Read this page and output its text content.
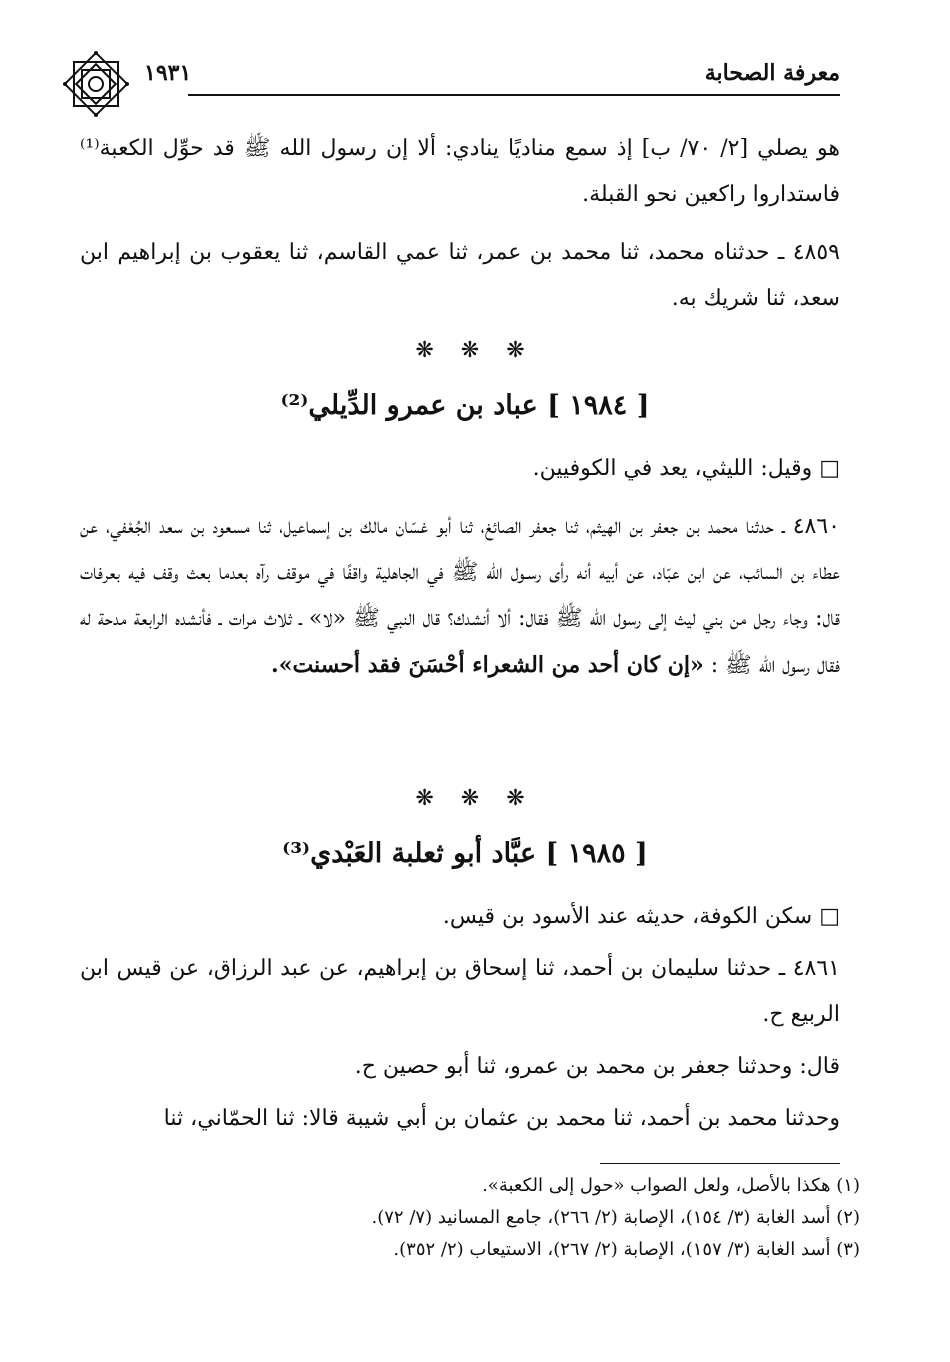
١٩٣١	معرفة الصحابة

هو يصلي [٢/ ٧٠/ ب] إذ سمع مناديًا ينادي: ألا إن رسول الله ﷺ قد حوِّل الكعبة⁽¹⁾ فاستداروا راكعين نحو القبلة.

٤٨٥٩ ـ حدثناه محمد، ثنا محمد بن عمر، ثنا عمي القاسم، ثنا يعقوب بن إبراهيم ابن سعد، ثنا شريك به.

❋ ❋ ❋
[ ١٩٨٤ ] عباد بن عمرو الدِّيلي⁽²⁾

□ وقيل: الليثي، يعد في الكوفيين.

٤٨٦٠ ـ حدثنا محمد بن جعفر بن الهيثم، ثنا جعفر الصائغ، ثنا أبو غسّان مالك بن إسماعيل، ثنا مسعود بن سعد الجُعْفي، عن عطاء بن السائب، عن ابن عبّاد، عن أبيه أنه رأى رسـول الله ﷺ في الجاهلية واقفًا في موقف رآه بعدما بعث وقف فيه بعرفات قال: وجاء رجل من بني ليث إلى رسول الله ﷺ فقال: ألا أنشدك؟ قال النبي ﷺ «لا» ـ ثلاث مرات ـ فأنشده الرابعة مدحة له فقال رسول الله ﷺ : «إن كان أحد من الشعراء أحْسَنَ فقد أحسنت».

❋ ❋ ❋
[ ١٩٨٥ ] عبَّاد أبو ثعلبة العَبْدي⁽³⁾

□ سكن الكوفة، حديثه عند الأسود بن قيس.

٤٨٦١ ـ حدثنا سليمان بن أحمد، ثنا إسحاق بن إبراهيم، عن عبد الرزاق، عن قيس ابن الربيع ح.

قال: وحدثنا جعفر بن محمد بن عمرو، ثنا أبو حصين ح.

وحدثنا محمد بن أحمد، ثنا محمد بن عثمان بن أبي شيبة قالا: ثنا الحمّاني، ثنا

(١) هكذا بالأصل، ولعل الصواب «حول إلى الكعبة».
(٢) أسد الغابة (٣/ ١٥٤)، الإصابة (٢/ ٢٦٦)، جامع المسانيد (٧/ ٧٢).
(٣) أسد الغابة (٣/ ١٥٧)، الإصابة (٢/ ٢٦٧)، الاستيعاب (٢/ ٣٥٢).
